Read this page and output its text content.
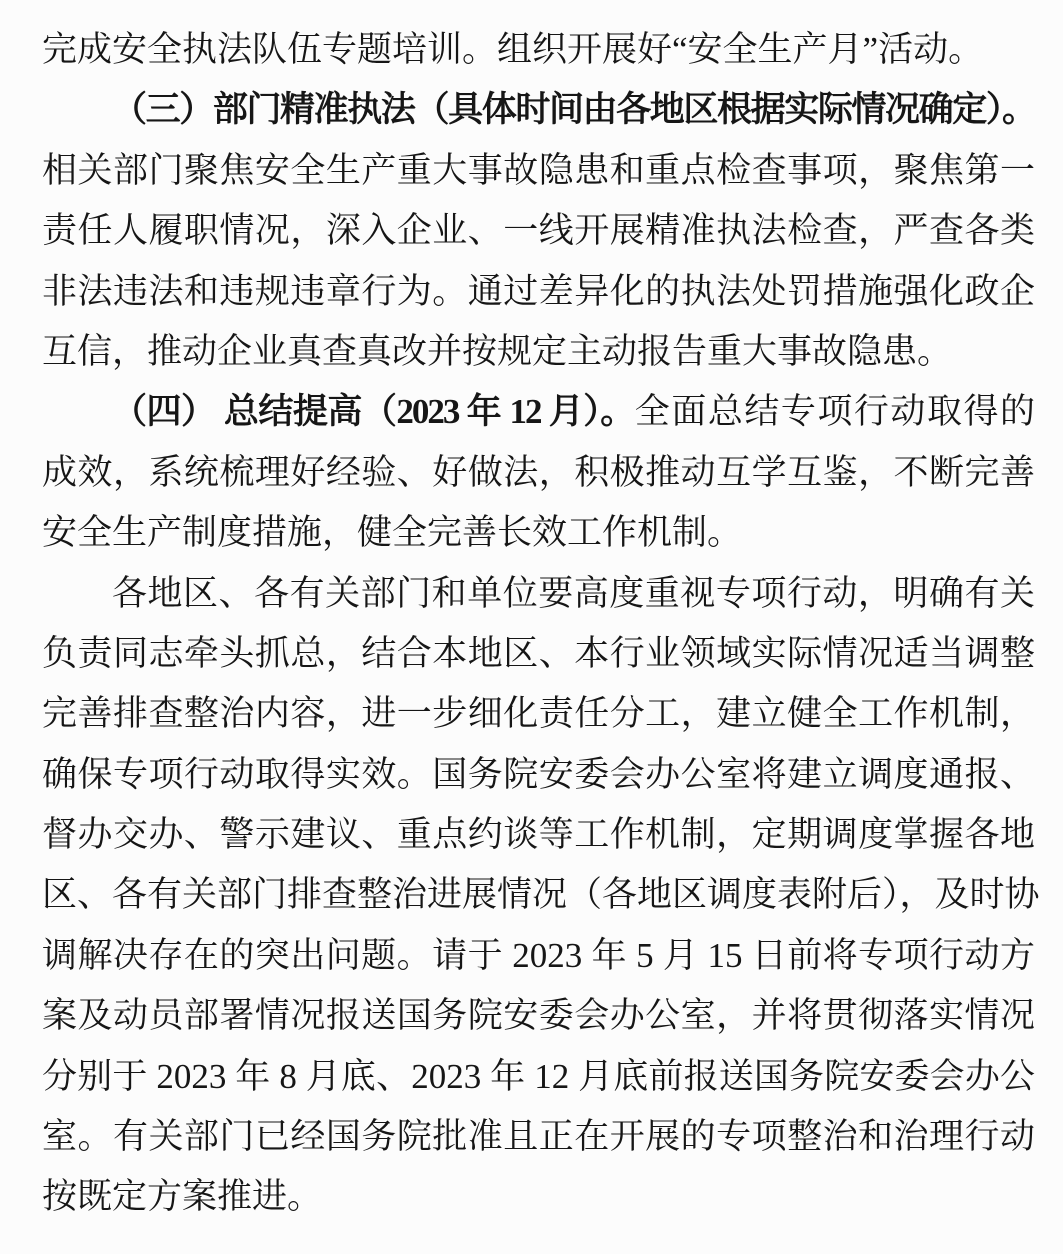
完成安全执法队伍专题培训。组织开展好“安全生产月”活动。
（三）部门精准执法（具体时间由各地区根据实际情况确定）。
相关部门聚焦安全生产重大事故隐患和重点检查事项，聚焦第一
责任人履职情况，深入企业、一线开展精准执法检查，严查各类
非法违法和违规违章行为。通过差异化的执法处罚措施强化政企
互信，推动企业真查真改并按规定主动报告重大事故隐患。
（四） 总结提高（2023 年 12 月）。全面总结专项行动取得的
成效，系统梳理好经验、好做法，积极推动互学互鉴，不断完善
安全生产制度措施，健全完善长效工作机制。
各地区、各有关部门和单位要高度重视专项行动，明确有关
负责同志牵头抓总，结合本地区、本行业领域实际情况适当调整
完善排查整治内容，进一步细化责任分工，建立健全工作机制，
确保专项行动取得实效。国务院安委会办公室将建立调度通报、
督办交办、警示建议、重点约谈等工作机制，定期调度掌握各地
区、各有关部门排查整治进展情况（各地区调度表附后），及时协
调解决存在的突出问题。请于 2023 年 5 月 15 日前将专项行动方
案及动员部署情况报送国务院安委会办公室，并将贯彻落实情况
分别于 2023 年 8 月底、2023 年 12 月底前报送国务院安委会办公
室。有关部门已经国务院批准且正在开展的专项整治和治理行动
按既定方案推进。
